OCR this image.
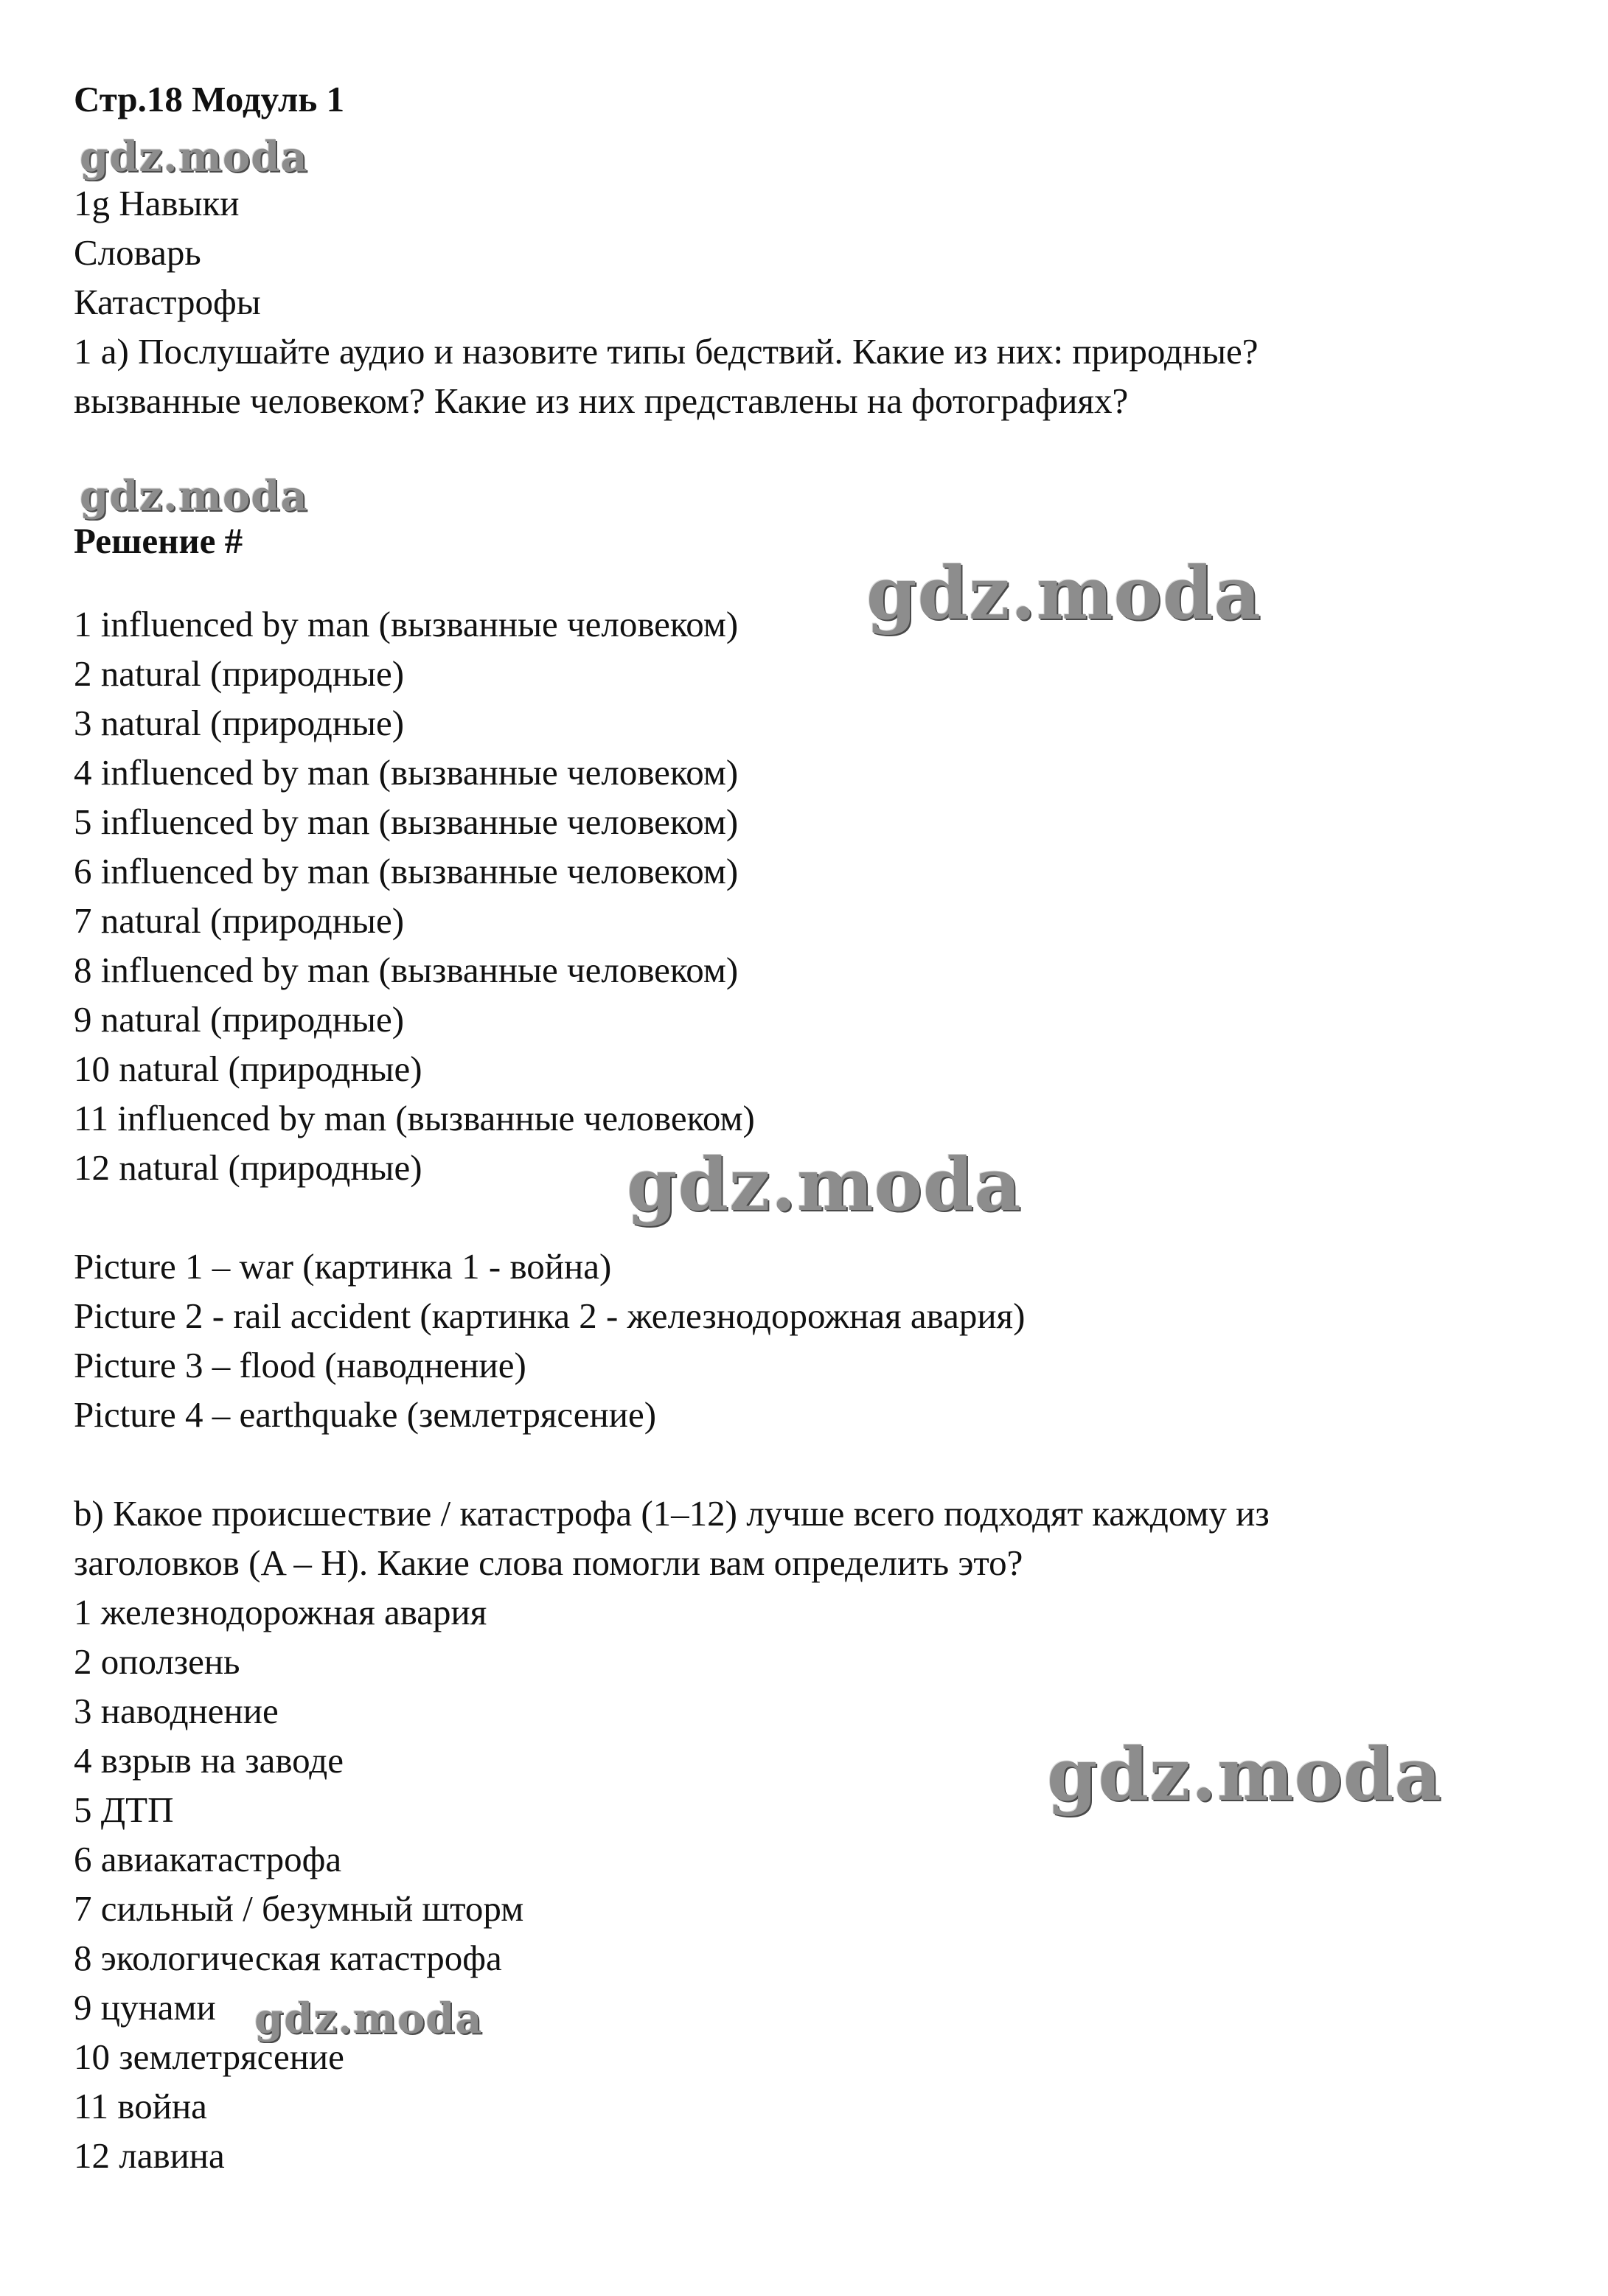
Стр.18 Модуль 1
gdz.moda
gdz.moda
gdz.moda
gdz.moda
gdz.moda
gdz.moda
1g Навыки
Словарь
Катастрофы
1 a) Послушайте аудио и назовите типы бедствий. Какие из них: природные?
вызванные человеком? Какие из них представлены на фотографиях?
Решение #
1 influenced by man (вызванные человеком)
2 natural (природные)
3 natural (природные)
4 influenced by man (вызванные человеком)
5 influenced by man (вызванные человеком)
6 influenced by man (вызванные человеком)
7 natural (природные)
8 influenced by man (вызванные человеком)
9 natural (природные)
10 natural (природные)
11 influenced by man (вызванные человеком)
12 natural (природные)
Picture 1 – war (картинка 1 - война)
Picture 2 - rail accident (картинка 2 - железнодорожная авария)
Picture 3 – flood (наводнение)
Picture 4 – earthquake (землетрясение)
b) Какое происшествие / катастрофа (1–12) лучше всего подходят каждому из
заголовков (A – H). Какие слова помогли вам определить это?
1 железнодорожная авария
2 оползень
3 наводнение
4 взрыв на заводе
5 ДТП
6 авиакатастрофа
7 сильный / безумный шторм
8 экологическая катастрофа
9 цунами
10 землетрясение
11 война
12 лавина
